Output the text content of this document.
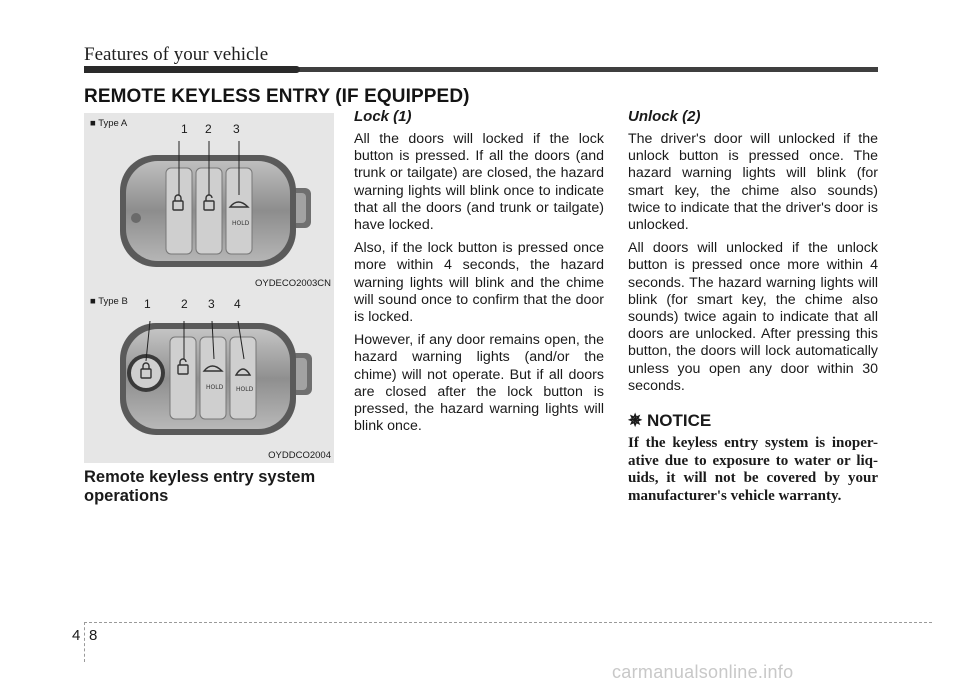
Features of your vehicle
REMOTE KEYLESS ENTRY (IF EQUIPPED)
■ Type A
HOLD
1 2 3
OYDECO2003CN
■ Type B
HOLD HOLD
1	2 3 4
OYDDCO2004
Remote keyless entry system operations
Lock (1)

All the doors will locked if the lock button is pressed. If all the doors (and trunk or tailgate) are closed, the hazard warning lights will blink once to indicate that all the doors (and trunk or tailgate) have locked.

Also, if the lock button is pressed once more within 4 seconds, the hazard warning lights will blink and the chime will sound once to confirm that the door is locked.

However, if any door remains open, the hazard warning lights (and/or the chime) will not operate. But if all doors are closed after the lock button is pressed, the hazard warning lights will blink once.

Unlock (2)

The driver's door will unlocked if the unlock button is pressed once. The hazard warning lights will blink (for smart key, the chime also sounds) twice to indicate that the driver's door is unlocked.

All doors will unlocked if the unlock button is pressed once more within 4 seconds. The hazard warning lights will blink (for smart key, the chime also sounds) twice again to indicate that all doors are unlocked. After pressing this button, the doors will lock automatically unless you open any door within 30 seconds.

✵ NOTICE
If the keyless entry system is inoper-ative due to exposure to water or liq-uids, it will not be covered by your manufacturer's vehicle warranty.
4 8
carmanualsonline.info
